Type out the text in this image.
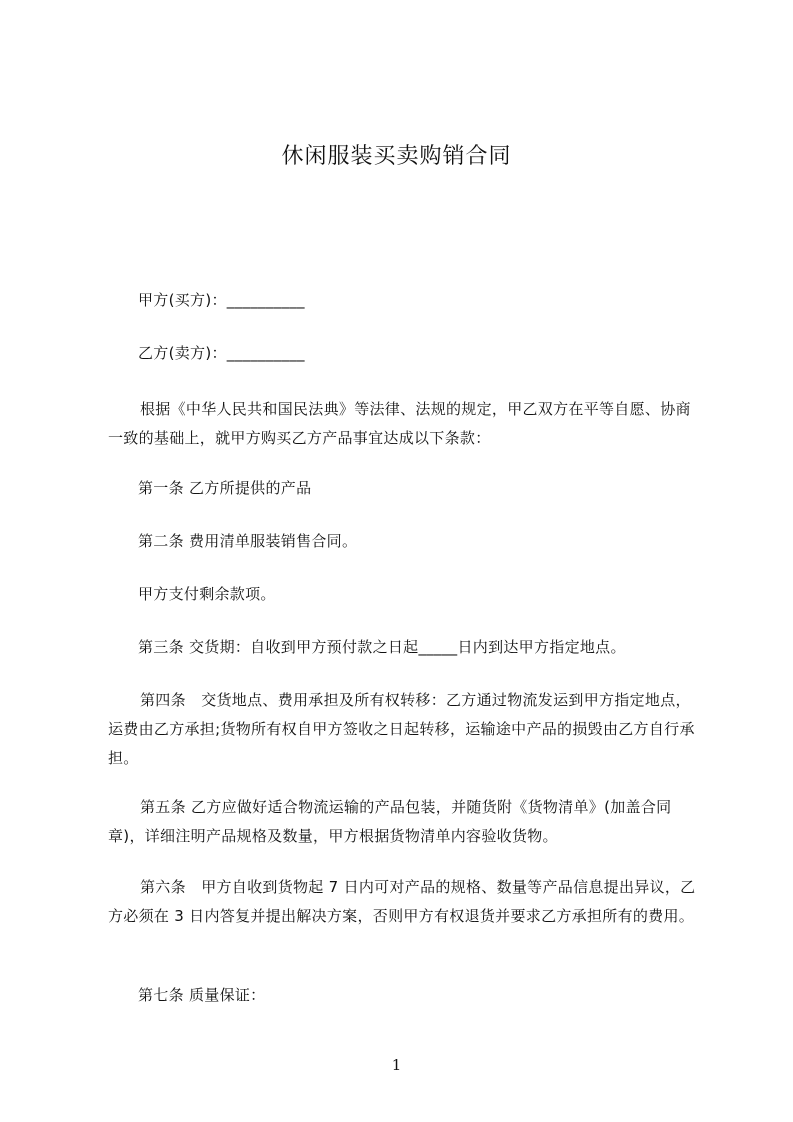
休闲服装买卖购销合同

甲方(买方)：__________

乙方(卖方)：__________

根据《中华人民共和国民法典》等法律、法规的规定，甲乙双方在平等自愿、协商一致的基础上，就甲方购买乙方产品事宜达成以下条款：

第一条 乙方所提供的产品

第二条 费用清单服装销售合同。

甲方支付剩余款项。

第三条 交货期：自收到甲方预付款之日起_____日内到达甲方指定地点。

第四条　交货地点、费用承担及所有权转移：乙方通过物流发运到甲方指定地点，运费由乙方承担;货物所有权自甲方签收之日起转移，运输途中产品的损毁由乙方自行承担。

第五条 乙方应做好适合物流运输的产品包装，并随货附《货物清单》(加盖合同章)，详细注明产品规格及数量，甲方根据货物清单内容验收货物。

第六条　甲方自收到货物起 7 日内可对产品的规格、数量等产品信息提出异议，乙方必须在 3 日内答复并提出解决方案，否则甲方有权退货并要求乙方承担所有的费用。

第七条 质量保证：

1
